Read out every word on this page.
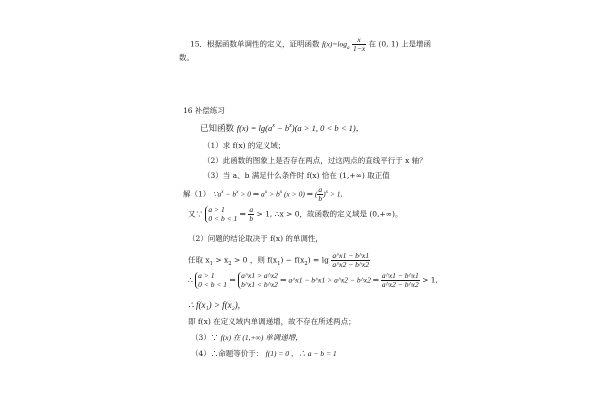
15．根据函数单调性的定义，证明函数 $f(x)=\log_a \frac{x}{1-x}$ 在 (0, 1) 上是增函
数。
16 补偿练习
已知函数 $f(x) = \lg(a^x - b^x)(a > 1$, 0 < b < 1)，
（1）求 f(x) 的定义域；
（2）此函数的图象上是否存在两点，过这两点的直线平行于 x 轴？
（3）当 a、b 满足什么条件时 f(x) 恰在 (1,+∞) 取正值
解（1） $\because a^x - b^x > 0$ ⇒ $a^x > b^x$ (x > 0) ⇒ ( $\frac{a}{b} )^x > 1$,
又∵
a > 1
0 < b < 1 ⇒ $\frac{a}{b} > 1$, ∴x > 0，故函数的定义域是 (0,+∞)。
（2）问题的结论取决于 f(x) 的单调性，
任取 $x_1 > x_2 > 0$ ，则 $f(x_1) - f(x_2) = \lg \frac{a\^{}x1 - b\^{}x1}{a\^{}x2 - b\^{}x2}$
∴
a > 1
0 < b < 1 ⇒
a^x1 > a^x2
b^x1 < b^x2 ⇒ a^x1 − b^x1 > a^x2 − b^x2 ⇒ $\frac{a\^{}x1 - b\^{}x1}{a\^{}x2 - b\^{}x2} > 1$,
∴ f(x₁) > f(x₂),
即 f(x) 在定义域内单调递增，故不存在所述两点；
（3）∵ f(x) 在 (1,+∞) 单调递增，
（4）∴命题等价于： f(1) = 0 ，∴ a − b = 1
